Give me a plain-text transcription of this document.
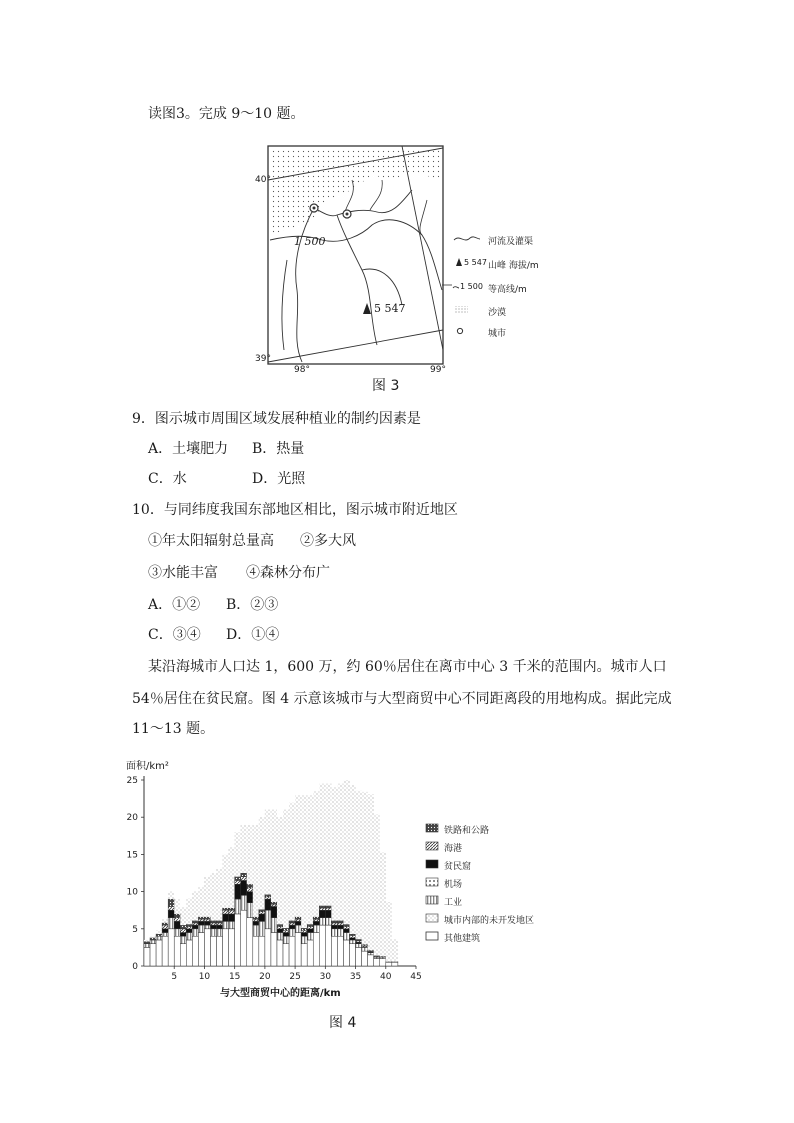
读图3。完成 9～10 题。
40°
39°
98°	99°
1 500
5 547
河流及灌渠
5 547 山峰 海拔/m
1 500 等高线/m
沙漠
城市
图 3
9．图示城市周围区域发展种植业的制约因素是
A．土壤肥力 B．热量
C．水	D．光照
10．与同纬度我国东部地区相比，图示城市附近地区
①年太阳辐射总量高 ②多大风
③水能丰富 ④森林分布广
A．①② B．②③
C．③④ D．①④
某沿海城市人口达 1，600 万，约 60％居住在离市中心 3 千米的范围内。城市人口
54％居住在贫民窟。图 4 示意该城市与大型商贸中心不同距离段的用地构成。据此完成
11～13 题。
0
5
10
15
20
25
5 10 15 20 25 30 35 40 45
面积/km²
与大型商贸中心的距离/km
铁路和公路
海港
贫民窟
机场
工业
城市内部的未开发地区
其他建筑
图 4
